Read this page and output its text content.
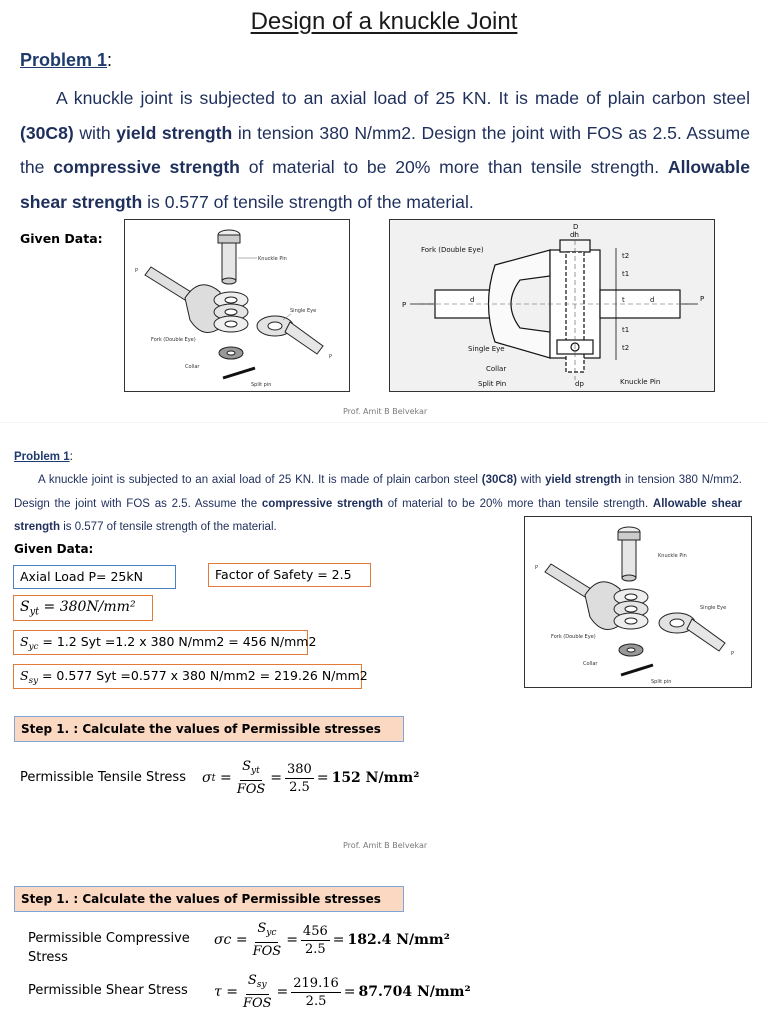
Design of a knuckle Joint
Problem 1:
A knuckle joint is subjected to an axial load of 25 KN. It is made of plain carbon steel (30C8) with yield strength in tension 380 N/mm2. Design the joint with FOS as 2.5. Assume the compressive strength of material to be 20% more than tensile strength. Allowable shear strength is 0.577 of tensile strength of the material.
Given Data:
Knuckle Pin
Single Eye
Fork (Double Eye)
Collar
Split pin
P
P
Fork (Double Eye)
Single Eye
Collar
Split Pin	Knuckle Pin
D
dh
d
d
dp
t2
t1
t
t1
t2
P
P
Prof. Amit B Belvekar
Problem 1:
A knuckle joint is subjected to an axial load of 25 KN. It is made of plain carbon steel (30C8) with yield strength in tension 380 N/mm2. Design the joint with FOS as 2.5. Assume the compressive strength of material to be 20% more than tensile strength. Allowable shear strength is 0.577 of tensile strength of the material.
Given Data:	Knuckle Pin
Single Eye
Fork (Double Eye)
Collar
Split pin
P
P
Axial Load P= 25kN	Factor of Safety = 2.5
$S_{yt} = 380N/mm^2$
$S_{yc} = 1.2$ Syt =1.2 x 380 N/mm2 = 456 N/mm2
$S_{sy} = 0.577$ Syt =0.577 x 380 N/mm2 = 219.26 N/mm2
Step 1. : Calculate the values of Permissible stresses
Permissible Tensile Stress σ $t = \frac{S_{yt}}{\text{FOS}} = \frac{380}{2.5} = 152$ N/mm²
Prof. Amit B Belvekar
Step 1. : Calculate the values of Permissible stresses
Permissible Compressive
Stress
$\sigma c = \frac{S_{yc}}{\text{FOS}} = \frac{456}{2.5} = 182.4$ N/mm²
Permissible Shear Stress $\tau = \frac{S_{sy}}{\text{FOS}} = \frac{219.16}{2.5} = 87.704$ N/mm²
